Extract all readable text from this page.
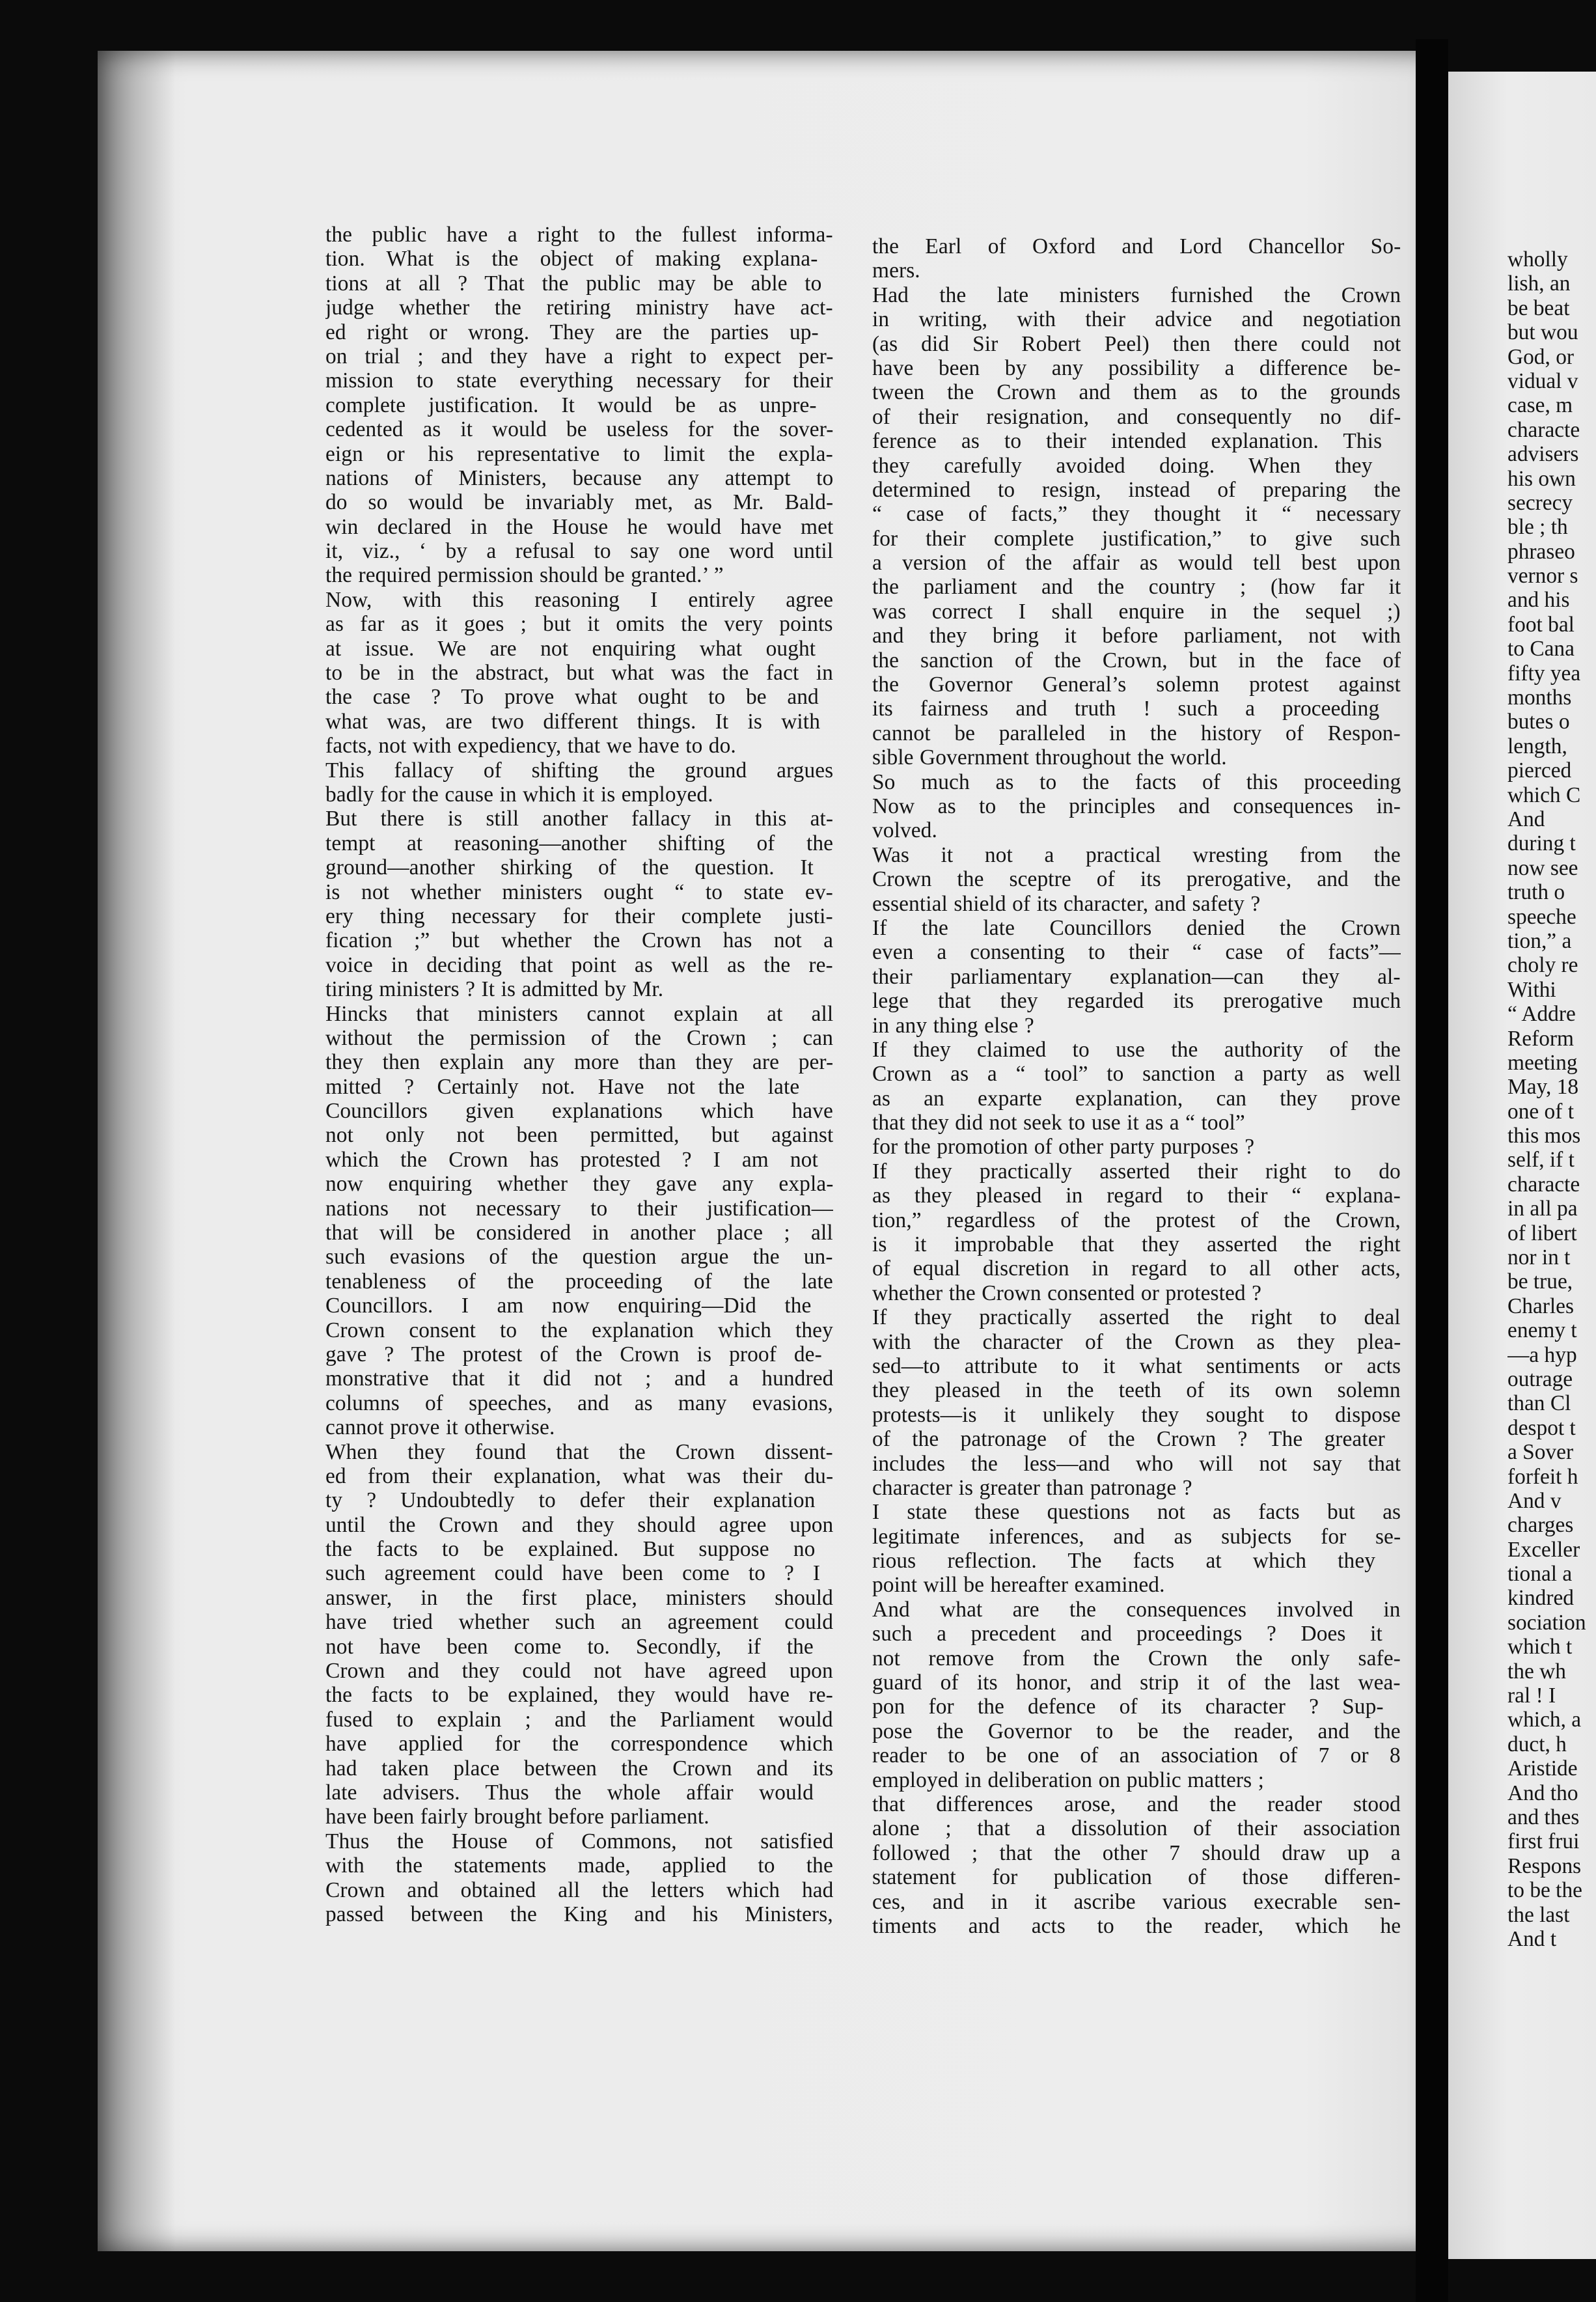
the public have a right to the fullest informa-
tion. What is the object of making explana-
tions at all ? That the public may be able to
judge whether the retiring ministry have act-
ed right or wrong. They are the parties up-
on trial ; and they have a right to expect per-
mission to state everything necessary for their
complete justification. It would be as unpre-
cedented as it would be useless for the sover-
eign or his representative to limit the expla-
nations of Ministers, because any attempt to
do so would be invariably met, as Mr. Bald-
win declared in the House he would have met
it, viz., ‘ by a refusal to say one word until
the required permission should be granted.’ ”
Now, with this reasoning I entirely agree
as far as it goes ; but it omits the very points
at issue. We are not enquiring what ought
to be in the abstract, but what was the fact in
the case ? To prove what ought to be and
what was, are two different things. It is with
facts, not with expediency, that we have to do.
This fallacy of shifting the ground argues
badly for the cause in which it is employed.
But there is still another fallacy in this at-
tempt at reasoning—another shifting of the
ground—another shirking of the question. It
is not whether ministers ought “ to state ev-
ery thing necessary for their complete justi-
fication ;” but whether the Crown has not a
voice in deciding that point as well as the re-
tiring ministers ? It is admitted by Mr.
Hincks that ministers cannot explain at all
without the permission of the Crown ; can
they then explain any more than they are per-
mitted ? Certainly not. Have not the late
Councillors given explanations which have
not only not been permitted, but against
which the Crown has protested ? I am not
now enquiring whether they gave any expla-
nations not necessary to their justification—
that will be considered in another place ; all
such evasions of the question argue the un-
tenableness of the proceeding of the late
Councillors. I am now enquiring—Did the
Crown consent to the explanation which they
gave ? The protest of the Crown is proof de-
monstrative that it did not ; and a hundred
columns of speeches, and as many evasions,
cannot prove it otherwise.
When they found that the Crown dissent-
ed from their explanation, what was their du-
ty ? Undoubtedly to defer their explanation
until the Crown and they should agree upon
the facts to be explained. But suppose no
such agreement could have been come to ? I
answer, in the first place, ministers should
have tried whether such an agreement could
not have been come to. Secondly, if the
Crown and they could not have agreed upon
the facts to be explained, they would have re-
fused to explain ; and the Parliament would
have applied for the correspondence which
had taken place between the Crown and its
late advisers. Thus the whole affair would
have been fairly brought before parliament.
Thus the House of Commons, not satisfied
with the statements made, applied to the
Crown and obtained all the letters which had
passed between the King and his Ministers,
the Earl of Oxford and Lord Chancellor So-
mers.
Had the late ministers furnished the Crown
in writing, with their advice and negotiation
(as did Sir Robert Peel) then there could not
have been by any possibility a difference be-
tween the Crown and them as to the grounds
of their resignation, and consequently no dif-
ference as to their intended explanation. This
they carefully avoided doing. When they
determined to resign, instead of preparing the
“ case of facts,” they thought it “ necessary
for their complete justification,” to give such
a version of the affair as would tell best upon
the parliament and the country ; (how far it
was correct I shall enquire in the sequel ;)
and they bring it before parliament, not with
the sanction of the Crown, but in the face of
the Governor General’s solemn protest against
its fairness and truth ! such a proceeding
cannot be paralleled in the history of Respon-
sible Government throughout the world.
So much as to the facts of this proceeding
Now as to the principles and consequences in-
volved.
Was it not a practical wresting from the
Crown the sceptre of its prerogative, and the
essential shield of its character, and safety ?
If the late Councillors denied the Crown
even a consenting to their “ case of facts”—
their parliamentary explanation—can they al-
lege that they regarded its prerogative much
in any thing else ?
If they claimed to use the authority of the
Crown as a “ tool” to sanction a party as well
as an exparte explanation, can they prove
that they did not seek to use it as a “ tool”
for the promotion of other party purposes ?
If they practically asserted their right to do
as they pleased in regard to their “ explana-
tion,” regardless of the protest of the Crown,
is it improbable that they asserted the right
of equal discretion in regard to all other acts,
whether the Crown consented or protested ?
If they practically asserted the right to deal
with the character of the Crown as they plea-
sed—to attribute to it what sentiments or acts
they pleased in the teeth of its own solemn
protests—is it unlikely they sought to dispose
of the patronage of the Crown ? The greater
includes the less—and who will not say that
character is greater than patronage ?
I state these questions not as facts but as
legitimate inferences, and as subjects for se-
rious reflection. The facts at which they
point will be hereafter examined.
And what are the consequences involved in
such a precedent and proceedings ? Does it
not remove from the Crown the only safe-
guard of its honor, and strip it of the last wea-
pon for the defence of its character ? Sup-
pose the Governor to be the reader, and the
reader to be one of an association of 7 or 8
employed in deliberation on public matters ;
that differences arose, and the reader stood
alone ; that a dissolution of their association
followed ; that the other 7 should draw up a
statement for publication of those differen-
ces, and in it ascribe various execrable sen-
timents and acts to the reader, which he
wholly
lish, an
be beat
but wou
God, or
vidual v
case, m
characte
advisers
his own
secrecy
ble ; th
phraseo
vernor s
and his
foot bal
to Cana
fifty yea
months
butes o
length,
pierced
which C
And
during t
now see
truth o
speeche
tion,” a
choly re
Withi
“ Addre
Reform
meeting
May, 18
one of t
this mos
self, if t
characte
in all pa
of libert
nor in t
be true,
Charles
enemy t
—a hyp
outrage
than Cl
despot t
a Sover
forfeit h
And v
charges
Exceller
tional a
kindred
sociation
which t
the wh
ral ! I
which, a
duct, h
Aristide
And tho
and thes
first frui
Respons
to be the
the last
And t
